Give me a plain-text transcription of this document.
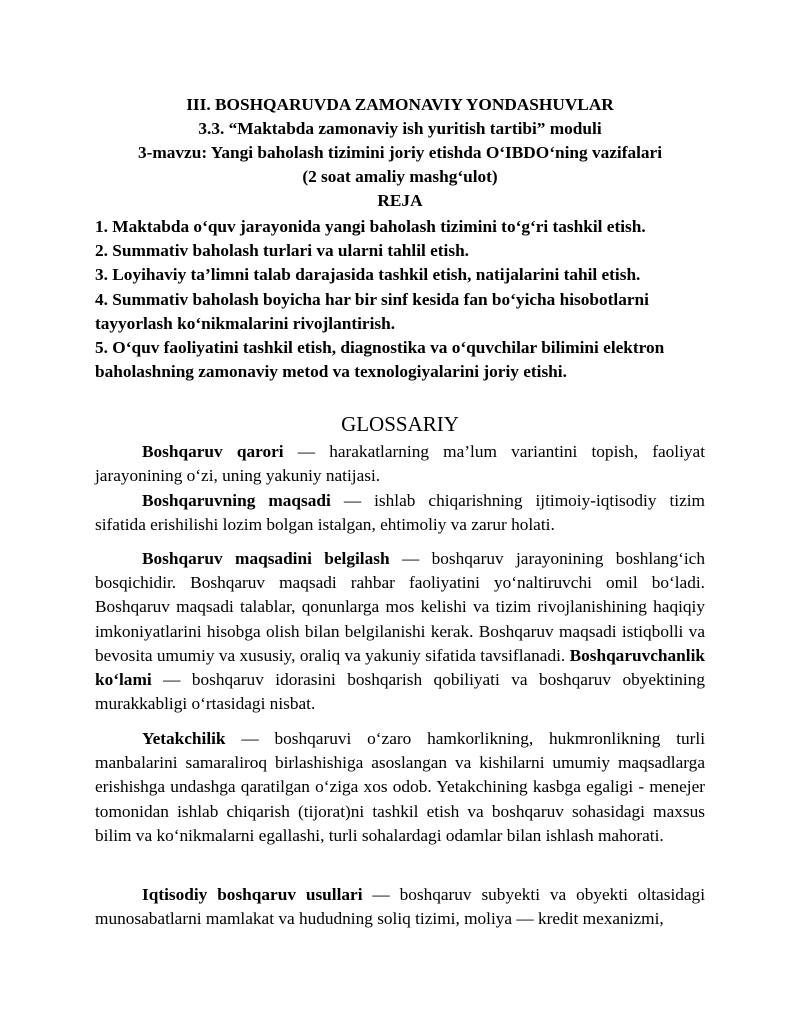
III. BOSHQARUVDA ZAMONAVIY YONDASHUVLAR
3.3. “Maktabda zamonaviy ish yuritish tartibi” moduli
3-mavzu: Yangi baholash tizimini joriy etishda O‘IBDO‘ning vazifalari
(2 soat amaliy mashg‘ulot)
REJA
1. Maktabda o‘quv jarayonida yangi baholash tizimini to‘g‘ri tashkil etish.
2. Summativ baholash turlari va ularni tahlil etish.
3. Loyihaviy ta’limni talab darajasida tashkil etish, natijalarini tahil etish.
4. Summativ baholash boyicha har bir sinf kesida fan bo‘yicha hisobotlarni tayyorlash ko‘nikmalarini rivojlantirish.
5. O‘quv faoliyatini tashkil etish, diagnostika va o‘quvchilar bilimini elektron baholashning zamonaviy metod va texnologiyalarini joriy etishi.
GLOSSARIY

Boshqaruv qarori — harakatlarning ma’lum variantini topish, faoliyat jarayonining o‘zi, uning yakuniy natijasi.

Boshqaruvning maqsadi — ishlab chiqarishning ijtimoiy-iqtisodiy tizim sifatida erishilishi lozim bolgan istalgan, ehtimoliy va zarur holati.

Boshqaruv maqsadini belgilash — boshqaruv jarayonining boshlang‘ich bosqichidir. Boshqaruv maqsadi rahbar faoliyatini yo‘naltiruvchi omil bo‘ladi. Boshqaruv maqsadi talablar, qonunlarga mos kelishi va tizim rivojlanishining haqiqiy imkoniyatlarini hisobga olish bilan belgilanishi kerak. Boshqaruv maqsadi istiqbolli va bevosita umumiy va xususiy, oraliq va yakuniy sifatida tavsiflanadi. Boshqaruvchanlik ko‘lami — boshqaruv idorasini boshqarish qobiliyati va boshqaruv obyektining murakkabligi o‘rtasidagi nisbat.

Yetakchilik — boshqaruvi o‘zaro hamkorlikning, hukmronlikning turli manbalarini samaraliroq birlashishiga asoslangan va kishilarni umumiy maqsadlarga erishishga undashga qaratilgan o‘ziga xos odob. Yetakchining kasbga egaligi - menejer tomonidan ishlab chiqarish (tijorat)ni tashkil etish va boshqaruv sohasidagi maxsus bilim va ko‘nikmalarni egallashi, turli sohalardagi odamlar bilan ishlash mahorati.

Iqtisodiy boshqaruv usullari — boshqaruv subyekti va obyekti oltasidagi munosabatlarni mamlakat va hududning soliq tizimi, moliya — kredit mexanizmi,
